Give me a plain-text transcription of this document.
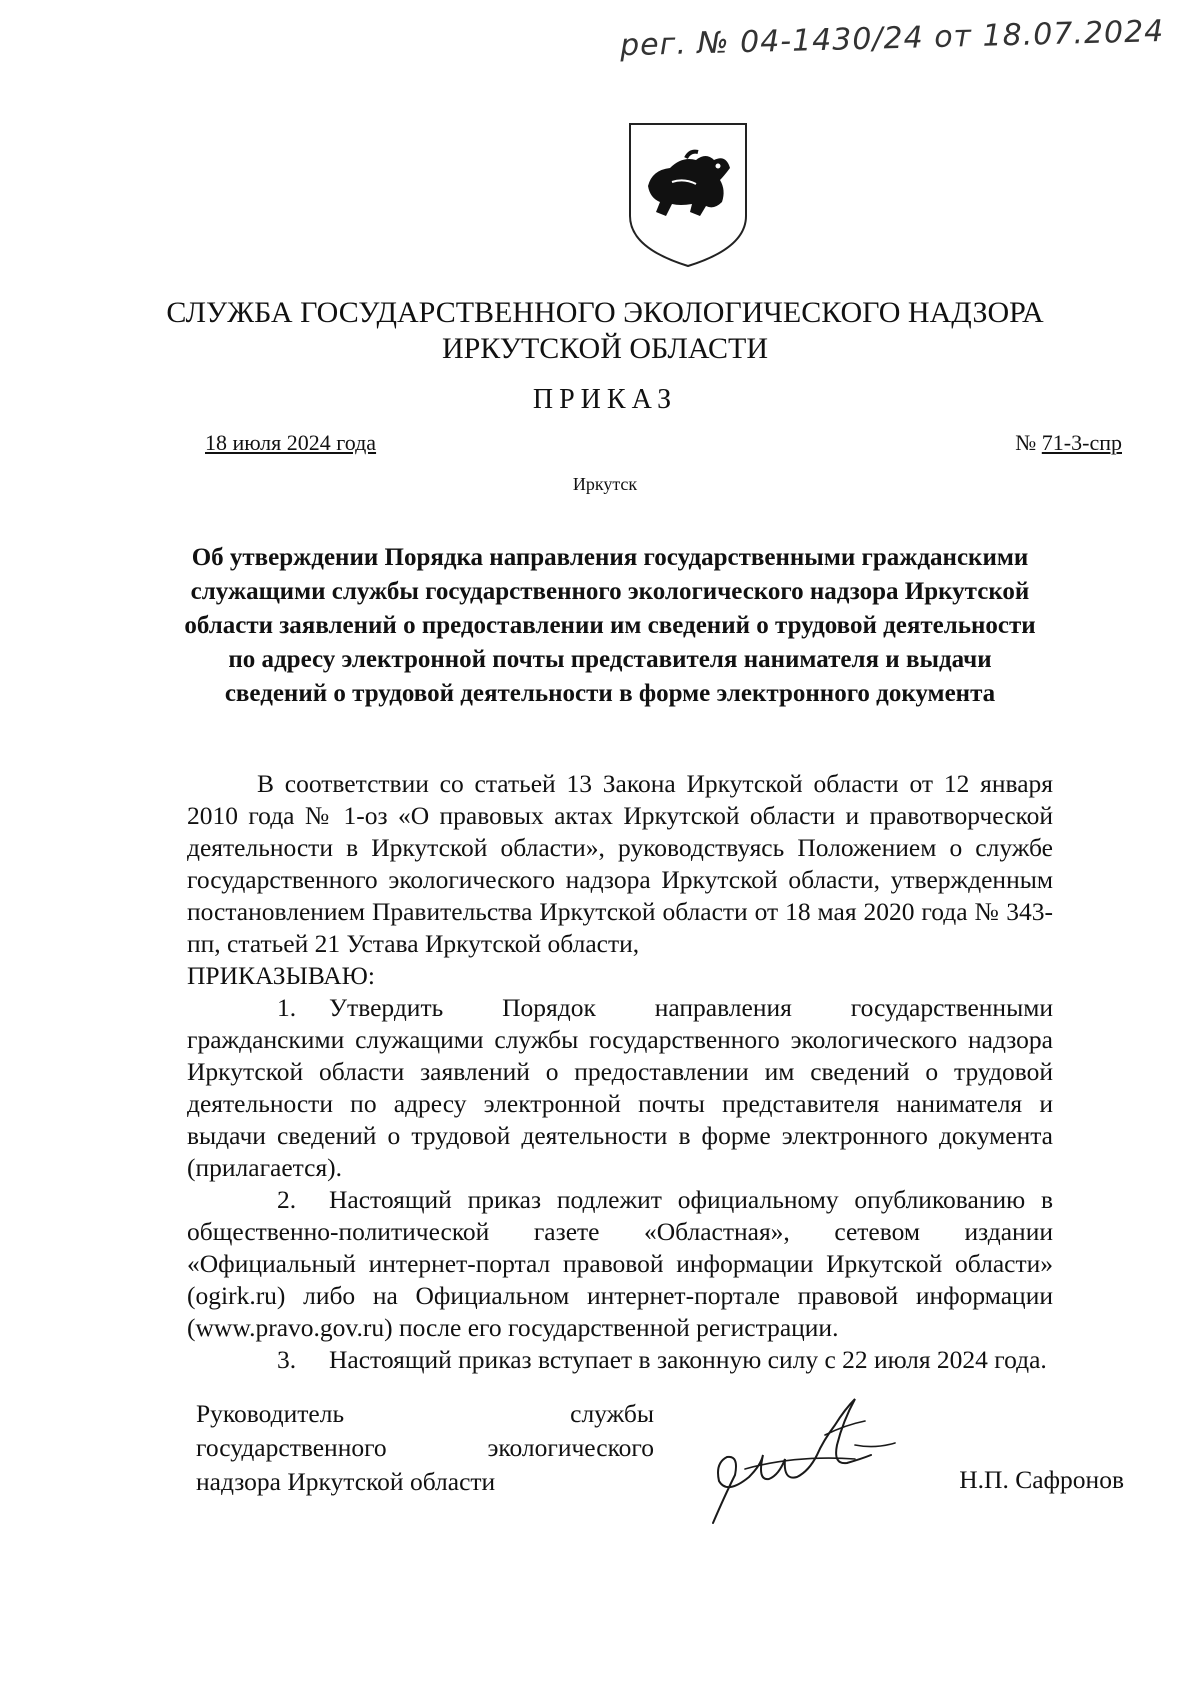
рег. № 04-1430/24 от 18.07.2024
СЛУЖБА ГОСУДАРСТВЕННОГО ЭКОЛОГИЧЕСКОГО НАДЗОРА
ИРКУТСКОЙ ОБЛАСТИ
ПРИКАЗ
18 июля 2024 года	№ 71-3-спр
Иркутск
Об утверждении Порядка направления государственными гражданскими служащими службы государственного экологического надзора Иркутской области заявлений о предоставлении им сведений о трудовой деятельности по адресу электронной почты представителя нанимателя и выдачи сведений о трудовой деятельности в форме электронного документа

В соответствии со статьей 13 Закона Иркутской области от 12 января 2010 года № 1-оз «О правовых актах Иркутской области и правотворческой деятельности в Иркутской области», руководствуясь Положением о службе государственного экологического надзора Иркутской области, утвержденным постановлением Правительства Иркутской области от 18 мая 2020 года № 343-пп, статьей 21 Устава Иркутской области,

ПРИКАЗЫВАЮ:

1. Утвердить Порядок направления государственными гражданскими служащими службы государственного экологического надзора Иркутской области заявлений о предоставлении им сведений о трудовой деятельности по адресу электронной почты представителя нанимателя и выдачи сведений о трудовой деятельности в форме электронного документа (прилагается).

2. Настоящий приказ подлежит официальному опубликованию в общественно-политической газете «Областная», сетевом издании «Официальный интернет-портал правовой информации Иркутской области» (ogirk.ru) либо на Официальном интернет-портале правовой информации (www.pravo.gov.ru) после его государственной регистрации.

3. Настоящий приказ вступает в законную силу с 22 июля 2024 года.

Руководитель	службы
государственного	экологического
надзора Иркутской области	Н.П. Сафронов
